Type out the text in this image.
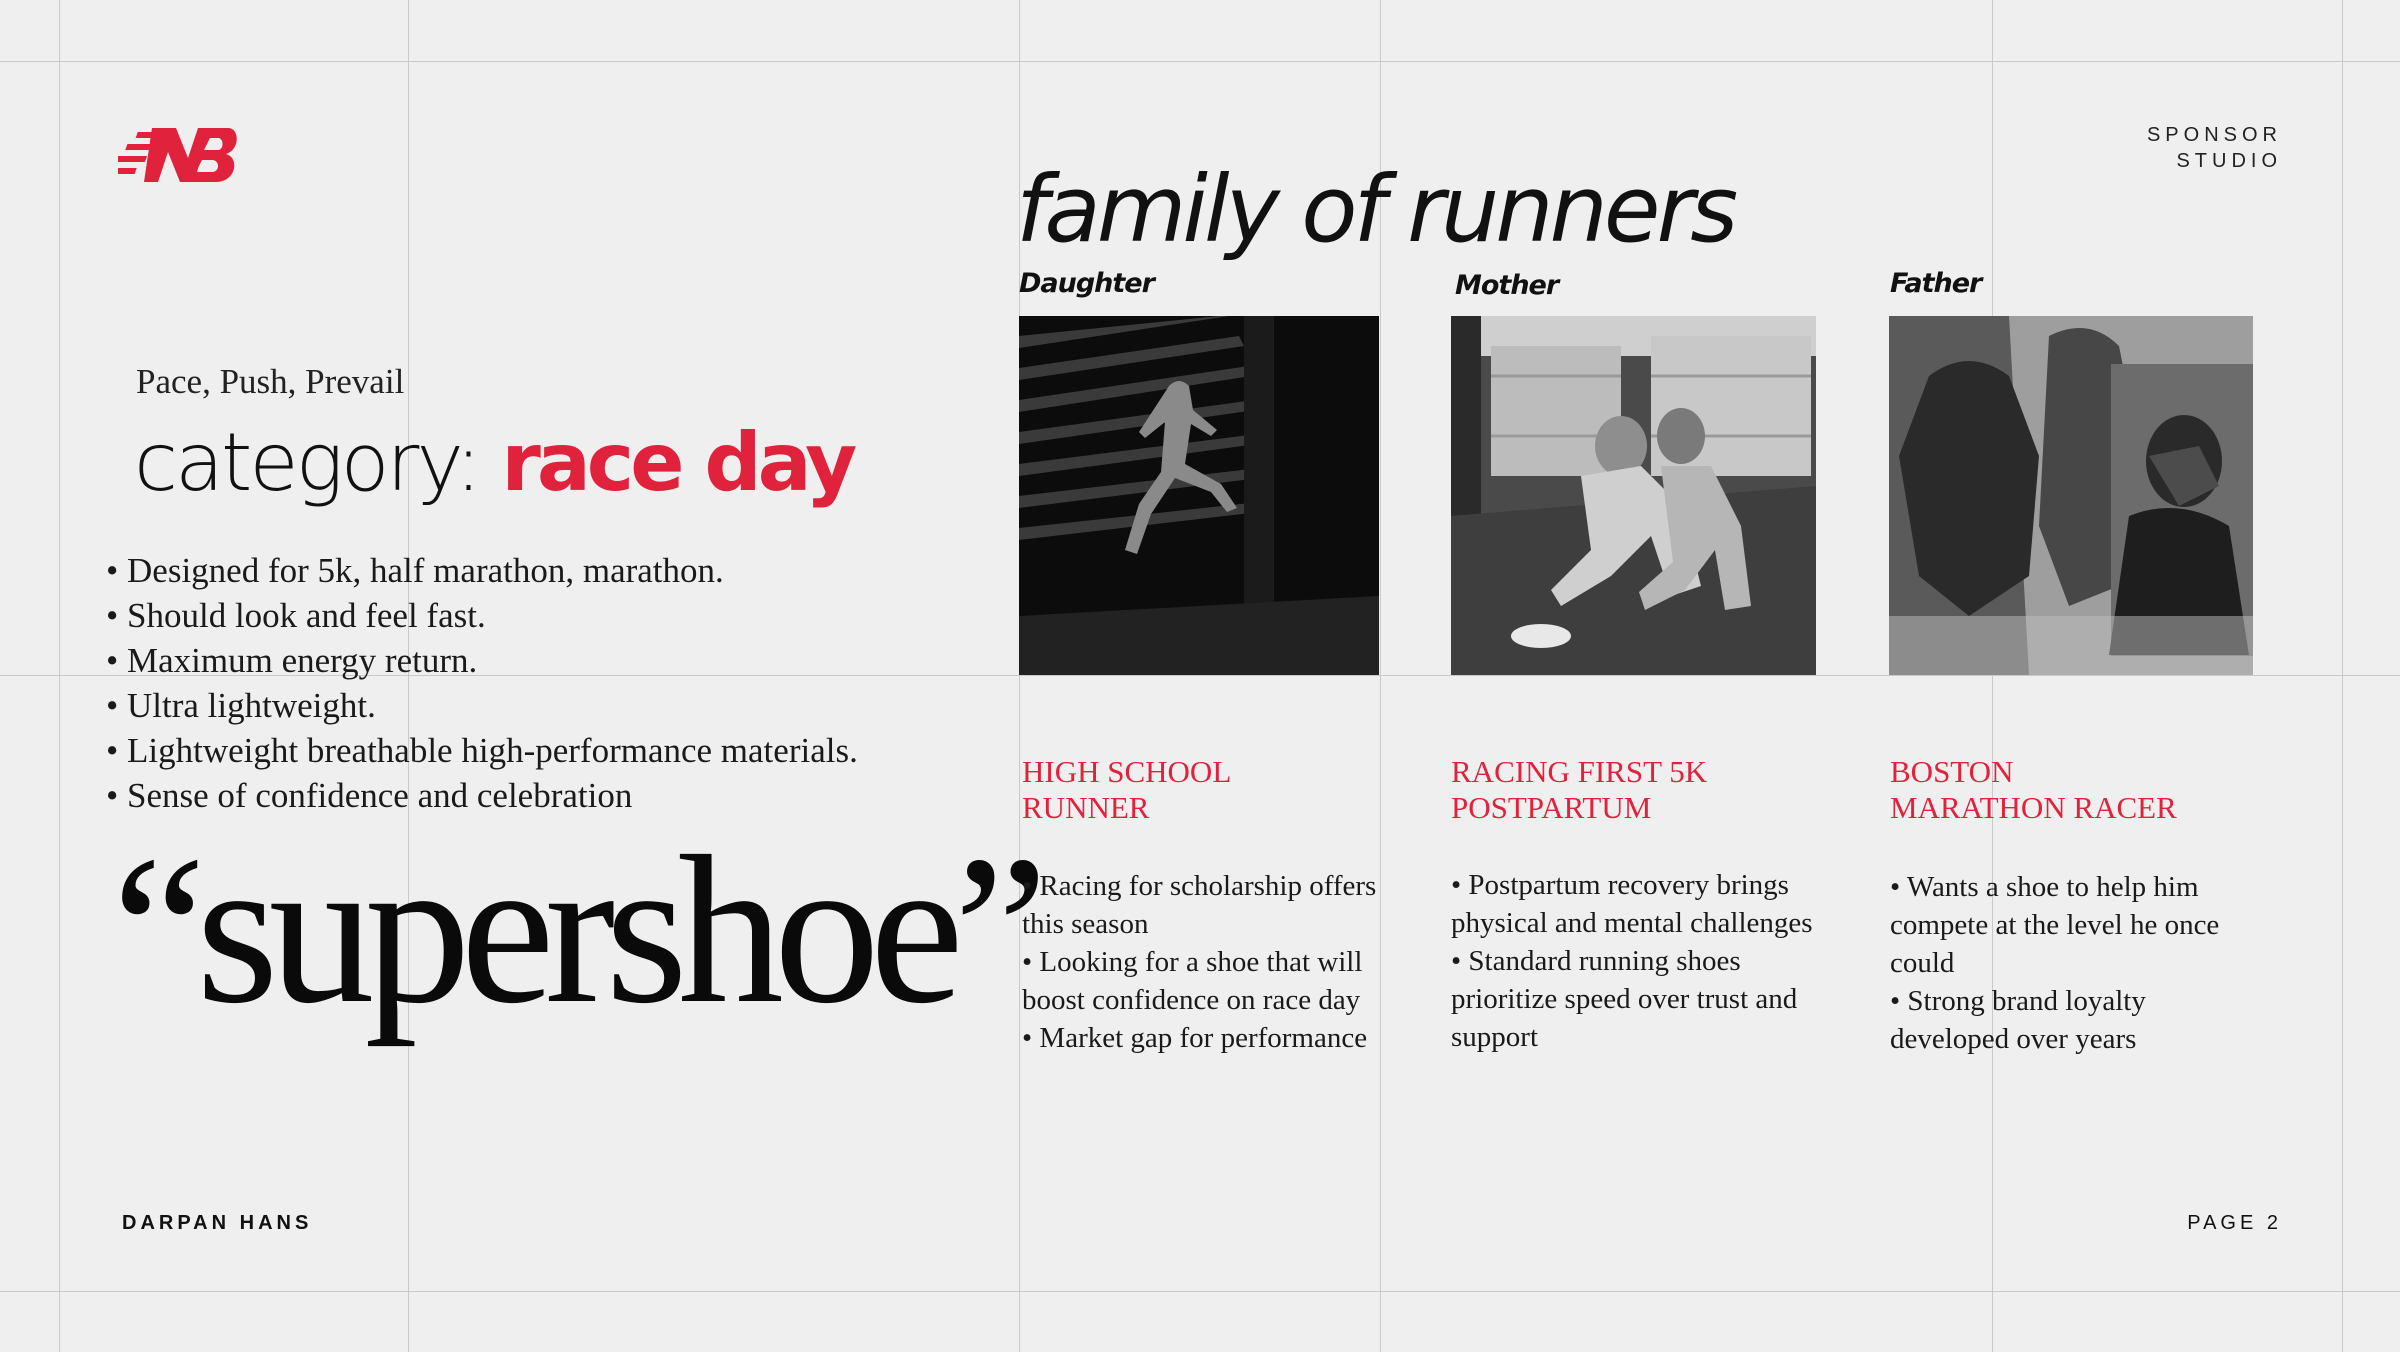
SPONSOR
STUDIO
Pace, Push, Prevail
category: race day
• Designed for 5k, half marathon, marathon.
• Should look and feel fast.
• Maximum energy return.
• Ultra lightweight.
• Lightweight breathable high-performance materials.
• Sense of confidence and celebration
“supershoe”
family of runners
Daughter	Mother	Father
HIGH SCHOOL RUNNER
RACING FIRST 5K POSTPARTUM
BOSTON MARATHON RACER
• Racing for scholarship offers this season
• Looking for a shoe that will boost confidence on race day
• Market gap for performance
• Postpartum recovery brings physical and mental challenges
• Standard running shoes prioritize speed over trust and support
• Wants a shoe to help him compete at the level he once could
• Strong brand loyalty developed over years
DARPAN HANS	PAGE 2
